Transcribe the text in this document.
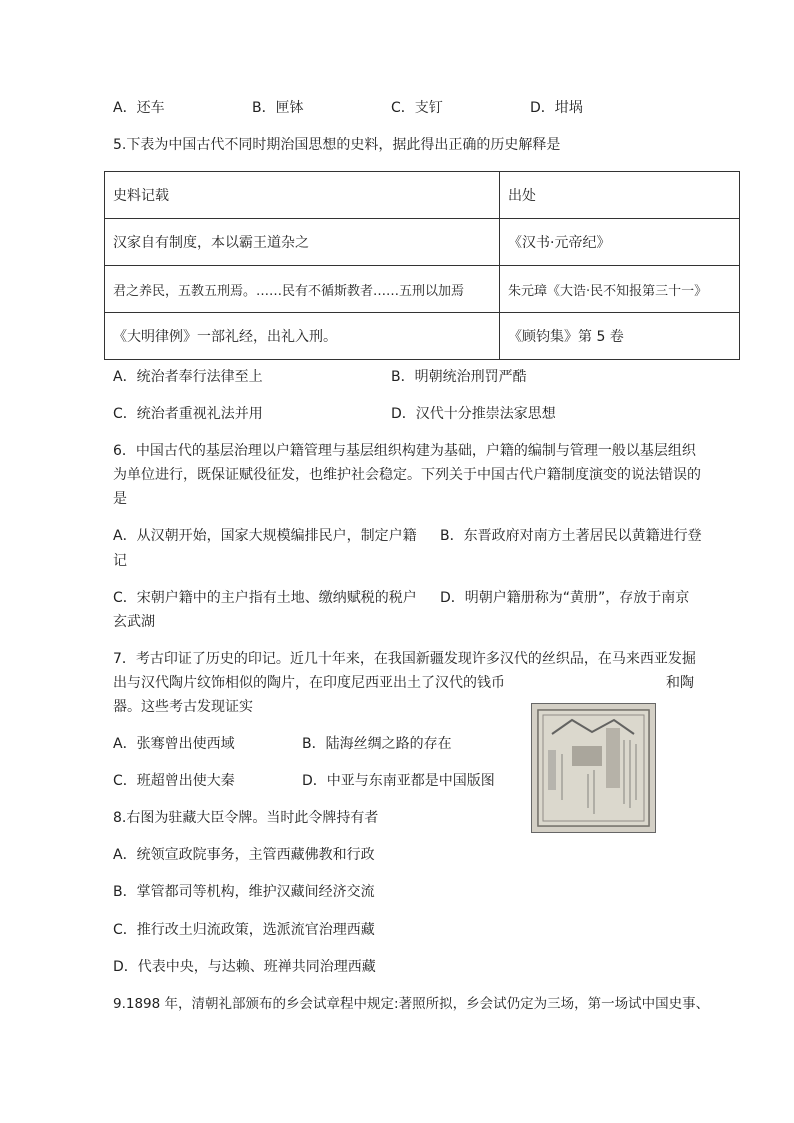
A．还车	B．匣钵	C．支钉	D．坩埚
5.下表为中国古代不同时期治国思想的史料，据此得出正确的历史解释是
史料记载	出处
汉家自有制度，本以霸王道杂之	《汉书·元帝纪》
君之养民，五教五刑焉。……民有不循斯教者……五刑以加焉	朱元璋《大诰·民不知报第三十一》
《大明律例》一部礼经，出礼入刑。	《顾钧集》第 5 卷
A．统治者奉行法律至上	B．明朝统治刑罚严酷
C．统治者重视礼法并用	D．汉代十分推崇法家思想
6．中国古代的基层治理以户籍管理与基层组织构建为基础，户籍的编制与管理一般以基层组织
为单位进行，既保证赋役征发，也维护社会稳定。下列关于中国古代户籍制度演变的说法错误的
是
A．从汉朝开始，国家大规模编排民户，制定户籍 B．东晋政府对南方土著居民以黄籍进行登
记
C．宋朝户籍中的主户指有土地、缴纳赋税的税户 D．明朝户籍册称为“黄册”，存放于南京
玄武湖
7．考古印证了历史的印记。近几十年来，在我国新疆发现许多汉代的丝织品，在马来西亚发掘
出与汉代陶片纹饰相似的陶片，在印度尼西亚出土了汉代的钱币	和陶
器。这些考古发现证实
A．张骞曾出使西域	B．陆海丝绸之路的存在
C．班超曾出使大秦	D．中亚与东南亚都是中国版图
8.右图为驻藏大臣令牌。当时此令牌持有者
A．统领宣政院事务，主管西藏佛教和行政
B．掌管都司等机构，维护汉藏间经济交流
C．推行改土归流政策，选派流官治理西藏
D．代表中央，与达赖、班禅共同治理西藏
9.1898 年，清朝礼部颁布的乡会试章程中规定:著照所拟，乡会试仍定为三场，第一场试中国史事、
